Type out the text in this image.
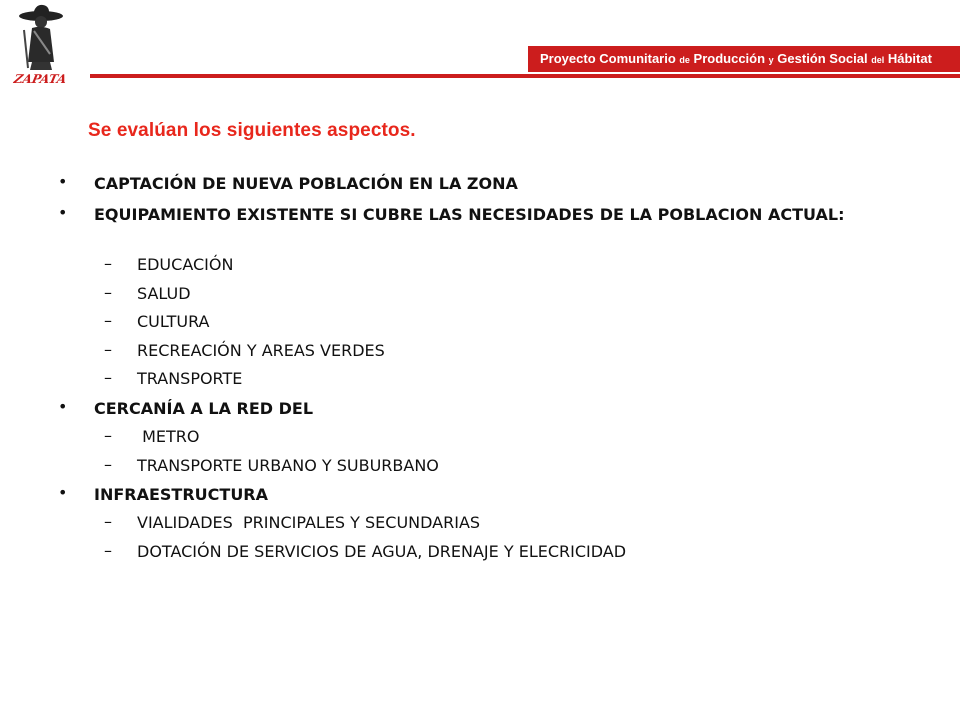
ZAPATA
Proyecto Comunitario de Producción y Gestión Social del Hábitat
Se evalúan los siguientes aspectos.
• CAPTACIÓN DE NUEVA POBLACIÓN EN LA ZONA
• EQUIPAMIENTO EXISTENTE SI CUBRE LAS NECESIDADES DE LA POBLACION ACTUAL:
– EDUCACIÓN
– SALUD
– CULTURA
– RECREACIÓN Y AREAS VERDES
– TRANSPORTE
• CERCANÍA A LA RED DEL
– METRO
– TRANSPORTE URBANO Y SUBURBANO
• INFRAESTRUCTURA
– VIALIDADES  PRINCIPALES Y SECUNDARIAS
– DOTACIÓN DE SERVICIOS DE AGUA, DRENAJE Y ELECRICIDAD
